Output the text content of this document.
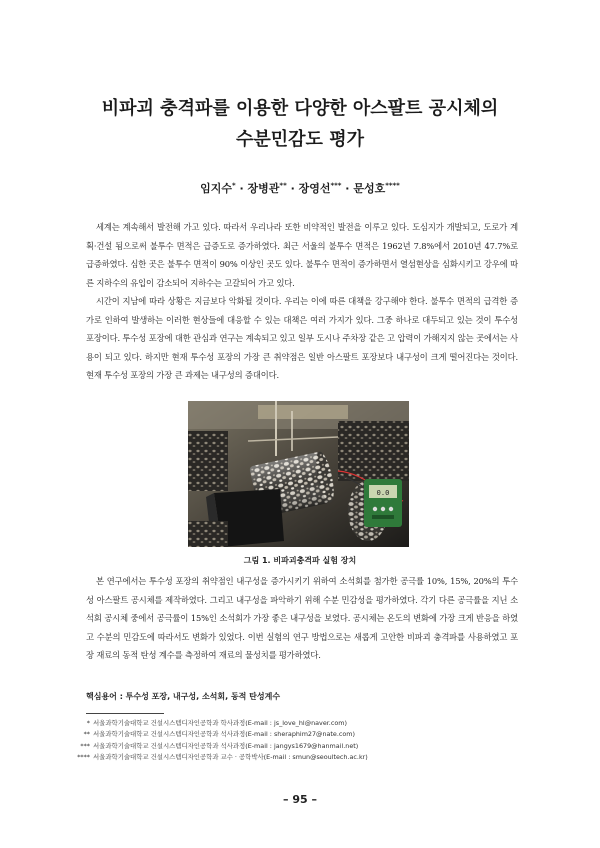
비파괴 충격파를 이용한 다양한 아스팔트 공시체의
수분민감도 평가
임지수* · 장병관** · 장영선*** · 문성호****

세계는 계속해서 발전해 가고 있다. 따라서 우리나라 또한 비약적인 발전을 이루고 있다. 도심지가 개발되고, 도로가 계획·건설 됨으로써 불투수 면적은 급증도로 증가하였다. 최근 서울의 불투수 면적은 1962년 7.8%에서 2010년 47.7%로 급증하였다. 심한 곳은 불투수 면적이 90% 이상인 곳도 있다. 불투수 면적이 증가하면서 열섬현상을 심화시키고 강우에 따른 지하수의 유입이 감소되어 지하수는 고갈되어 가고 있다.

시간이 지남에 따라 상황은 지금보다 악화될 것이다. 우리는 이에 따른 대책을 강구해야 한다. 불투수 면적의 급격한 증가로 인하여 발생하는 이러한 현상들에 대응할 수 있는 대책은 여러 가지가 있다. 그중 하나로 대두되고 있는 것이 투수성 포장이다. 투수성 포장에 대한 관심과 연구는 계속되고 있고 일부 도시나 주차장 같은 고 압력이 가해지지 않는 곳에서는 사용이 되고 있다. 하지만 현재 투수성 포장의 가장 큰 취약점은 일반 아스팔트 포장보다 내구성이 크게 떨어진다는 것이다. 현재 투수성 포장의 가장 큰 과제는 내구성의 증대이다.

0.0
그림 1. 비파괴충격파 실험 장치

본 연구에서는 투수성 포장의 취약점인 내구성을 증가시키기 위하여 소석회를 첨가한 공극률 10%, 15%, 20%의 투수성 아스팔트 공시체를 제작하였다. 그리고 내구성을 파악하기 위해 수분 민감성을 평가하였다. 각기 다른 공극률을 지닌 소석회 공시체 중에서 공극률이 15%인 소석회가 가장 좋은 내구성을 보였다. 공시체는 온도의 변화에 가장 크게 반응을 하였고 수분의 민감도에 따라서도 변화가 있었다. 이번 실험의 연구 방법으로는 새롭게 고안한 비파괴 충격파를 사용하였고 포장 재료의 동적 탄성 계수를 측정하여 재료의 물성치를 평가하였다.

핵심용어 : 투수성 포장, 내구성, 소석회, 동적 탄성계수
* 서울과학기술대학교 건설시스템디자인공학과 학사과정(E-mail : js_love_hl@naver.com)
** 서울과학기술대학교 건설시스템디자인공학과 석사과정(E-mail : sheraphim27@nate.com)
*** 서울과학기술대학교 건설시스템디자인공학과 석사과정(E-mail : jangys1679@hanmail.net)
**** 서울과학기술대학교 건설시스템디자인공학과 교수 · 공학박사(E-mail : smun@seoultech.ac.kr)
– 95 –
